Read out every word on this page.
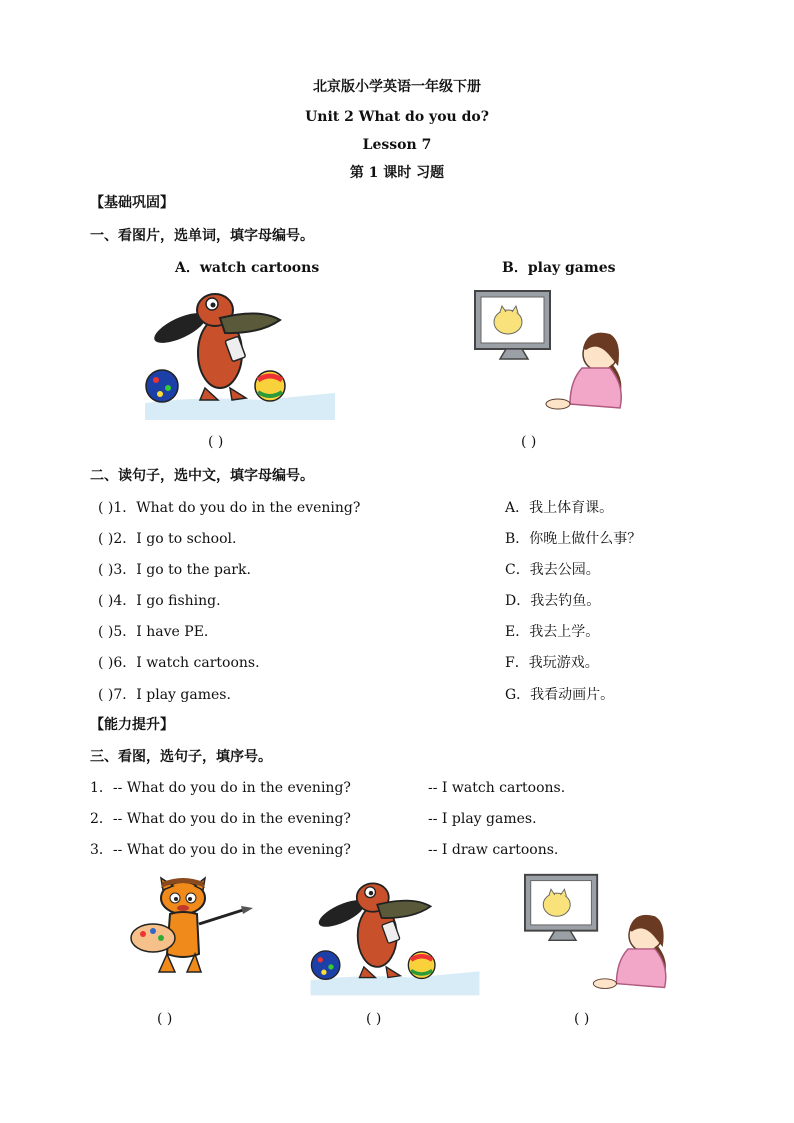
北京版小学英语一年级下册
Unit 2 What do you do?
Lesson 7
第 1 课时 习题
【基础巩固】
一、看图片，选单词，填字母编号。
A．watch cartoons	B．play games
( )	( )
二、读句子，选中文，填字母编号。
( )1．What do you do in the evening?	A．我上体育课。
( )2．I go to school.	B．你晚上做什么事？
( )3．I go to the park.	C．我去公园。
( )4．I go fishing.	D．我去钓鱼。
( )5．I have PE.	E．我去上学。
( )6．I watch cartoons.	F．我玩游戏。
( )7．I play games.	G．我看动画片。
【能力提升】
三、看图，选句子，填序号。
1．-- What do you do in the evening?	-- I watch cartoons.
2．-- What do you do in the evening?	-- I play games.
3．-- What do you do in the evening?	-- I draw cartoons.
( )	( )	( )
